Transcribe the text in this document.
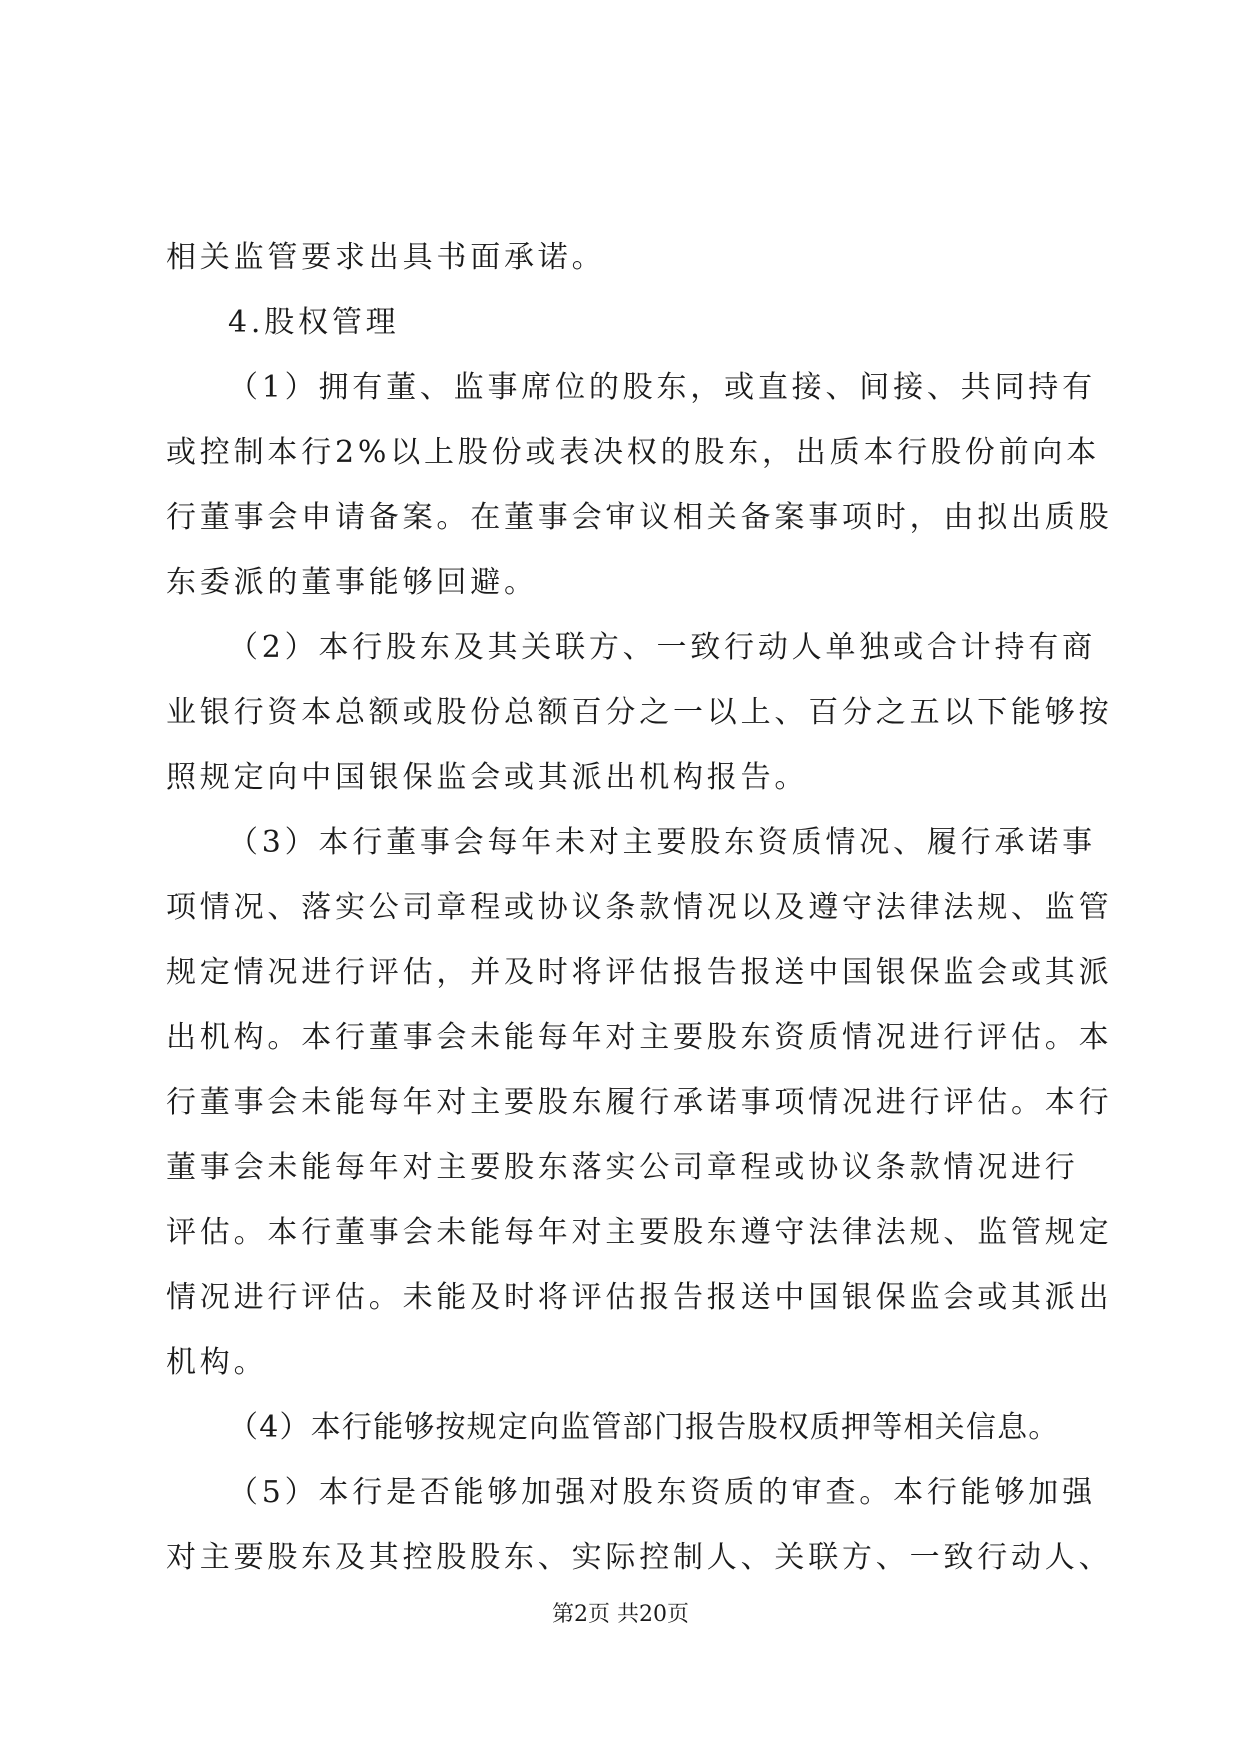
相关监管要求出具书面承诺。
4.股权管理
（1）拥有董、监事席位的股东，或直接、间接、共同持有
或控制本行2%以上股份或表决权的股东，出质本行股份前向本
行董事会申请备案。在董事会审议相关备案事项时，由拟出质股
东委派的董事能够回避。
（2）本行股东及其关联方、一致行动人单独或合计持有商
业银行资本总额或股份总额百分之一以上、百分之五以下能够按
照规定向中国银保监会或其派出机构报告。
（3）本行董事会每年未对主要股东资质情况、履行承诺事
项情况、落实公司章程或协议条款情况以及遵守法律法规、监管
规定情况进行评估，并及时将评估报告报送中国银保监会或其派
出机构。本行董事会未能每年对主要股东资质情况进行评估。本
行董事会未能每年对主要股东履行承诺事项情况进行评估。本行
董事会未能每年对主要股东落实公司章程或协议条款情况进行
评估。本行董事会未能每年对主要股东遵守法律法规、监管规定
情况进行评估。未能及时将评估报告报送中国银保监会或其派出
机构。
（4）本行能够按规定向监管部门报告股权质押等相关信息。
（5）本行是否能够加强对股东资质的审查。本行能够加强
对主要股东及其控股股东、实际控制人、关联方、一致行动人、
第2页 共20页
